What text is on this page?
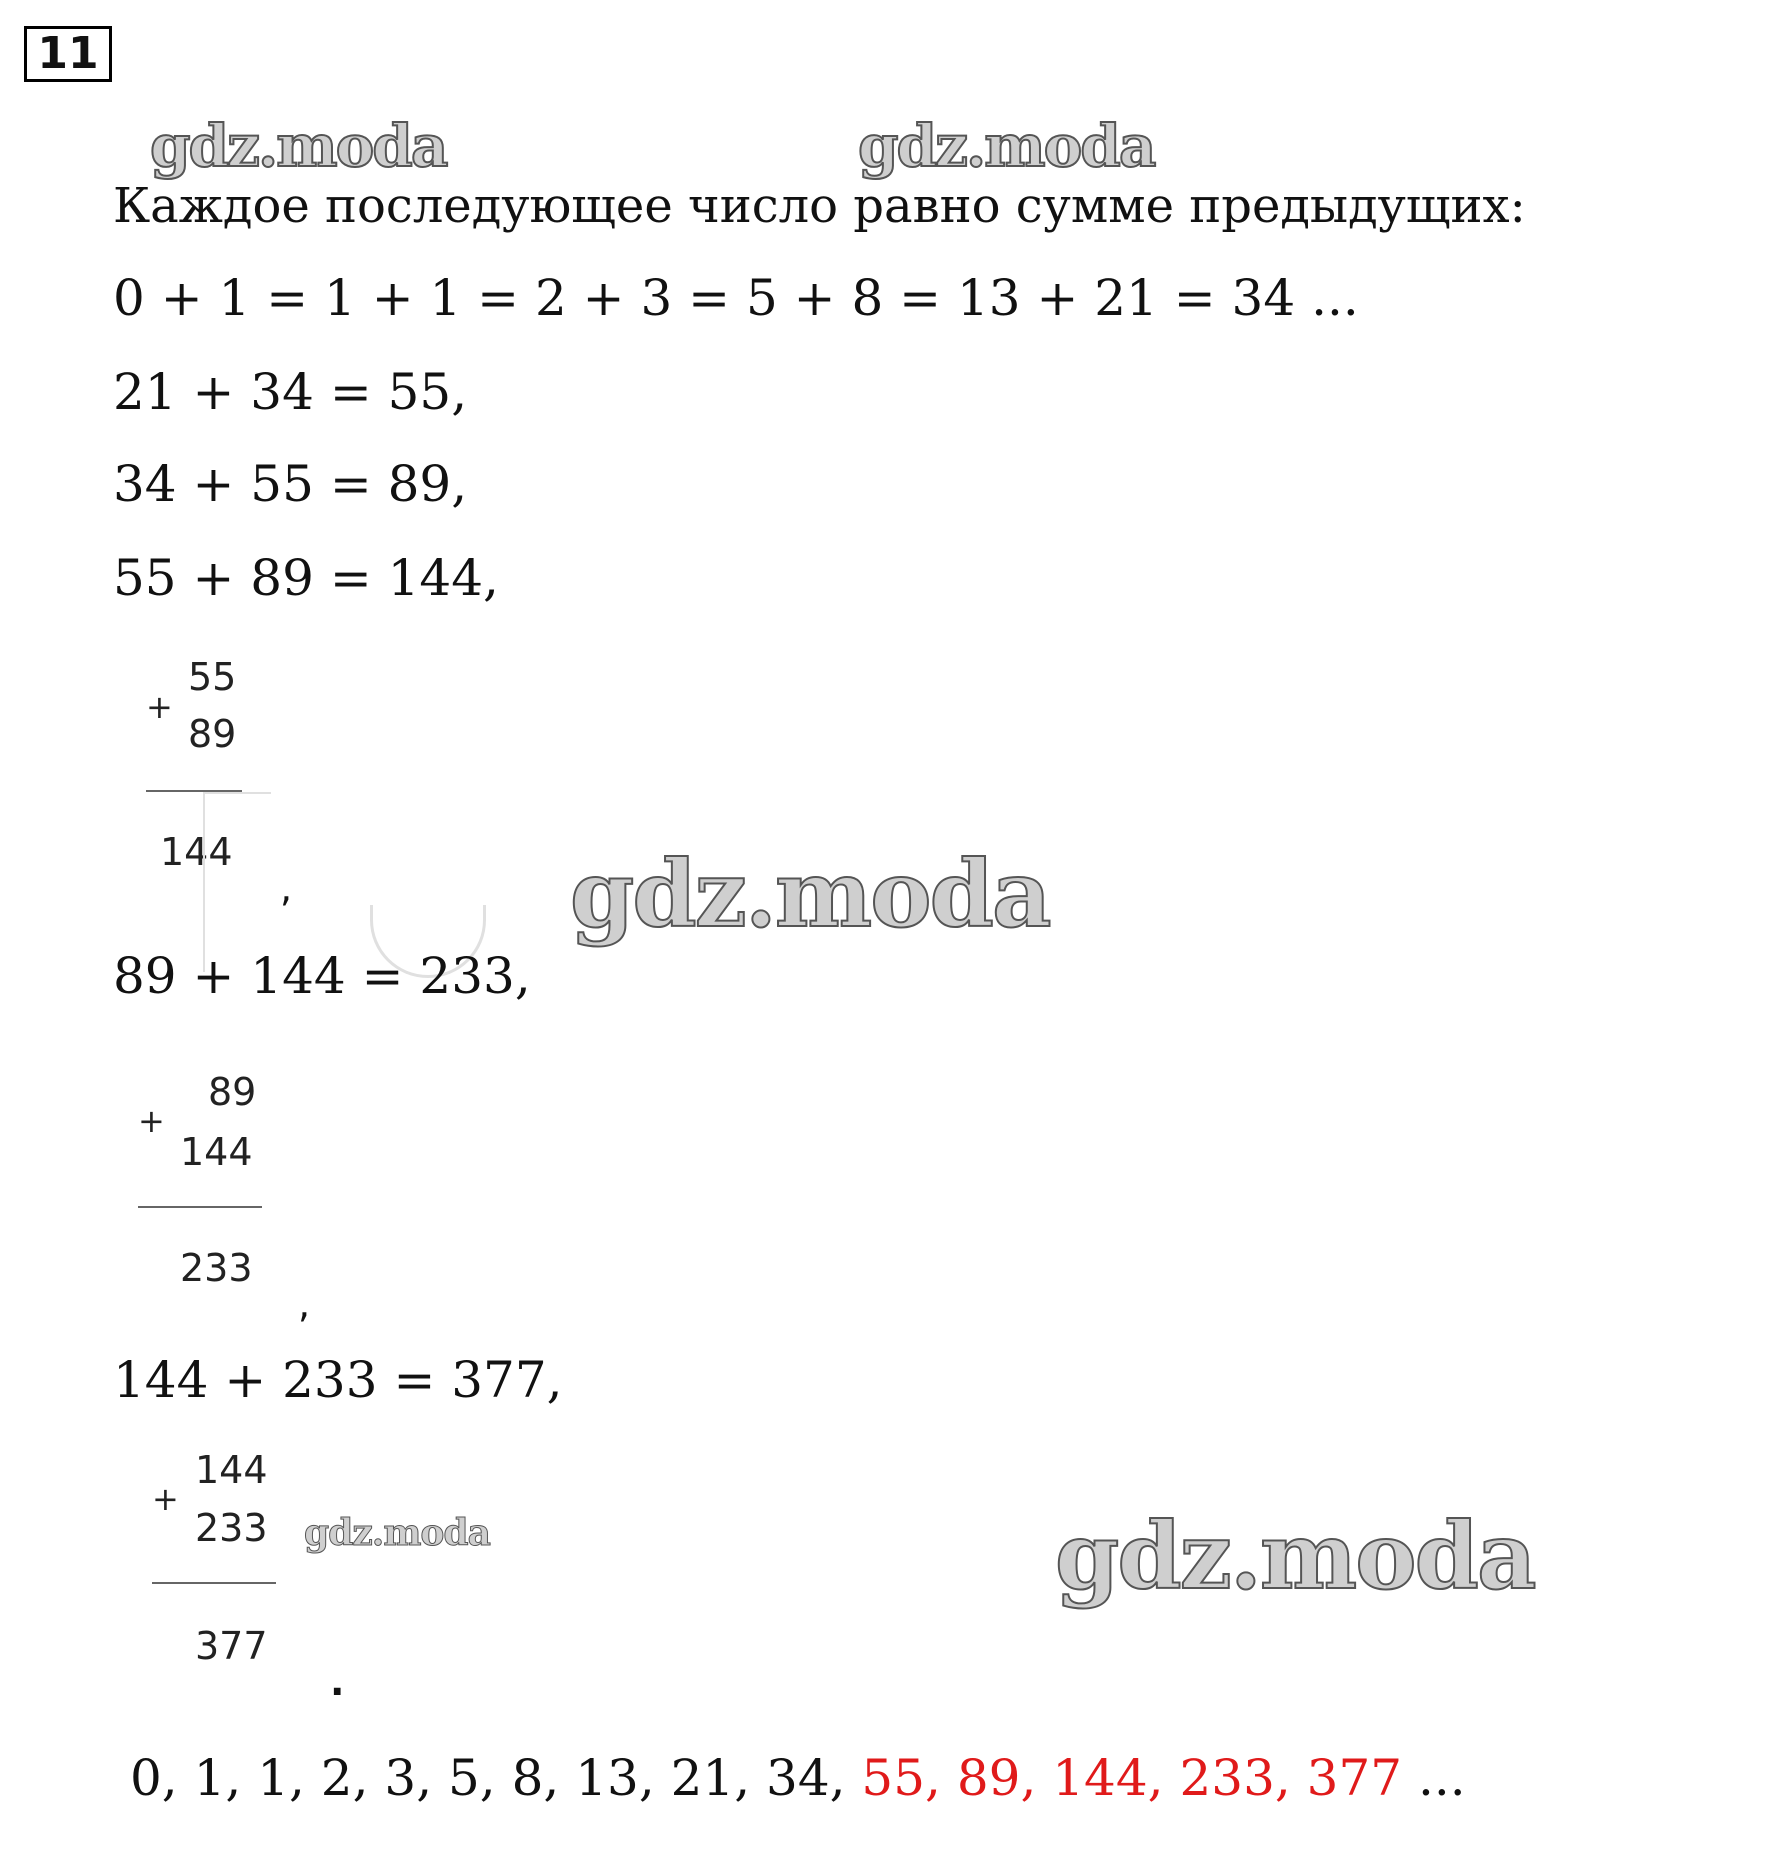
11
gdz.moda	gdz.moda
Каждое последующее число равно сумме предыдущих:
0 + 1 = 1 + 1 = 2 + 3 = 5 + 8 = 13 + 21 = 34 ...
21 + 34 = 55,
34 + 55 = 89,
55 + 89 = 144,
55
+
89
144
,	gdz.moda
89 + 144 = 233,
89
+
144
233
,
144 + 233 = 377,
144
+
233
377
.
gdz.moda	gdz.moda
0, 1, 1, 2, 3, 5, 8, 13, 21, 34, 55, 89, 144, 233, 377 ...
